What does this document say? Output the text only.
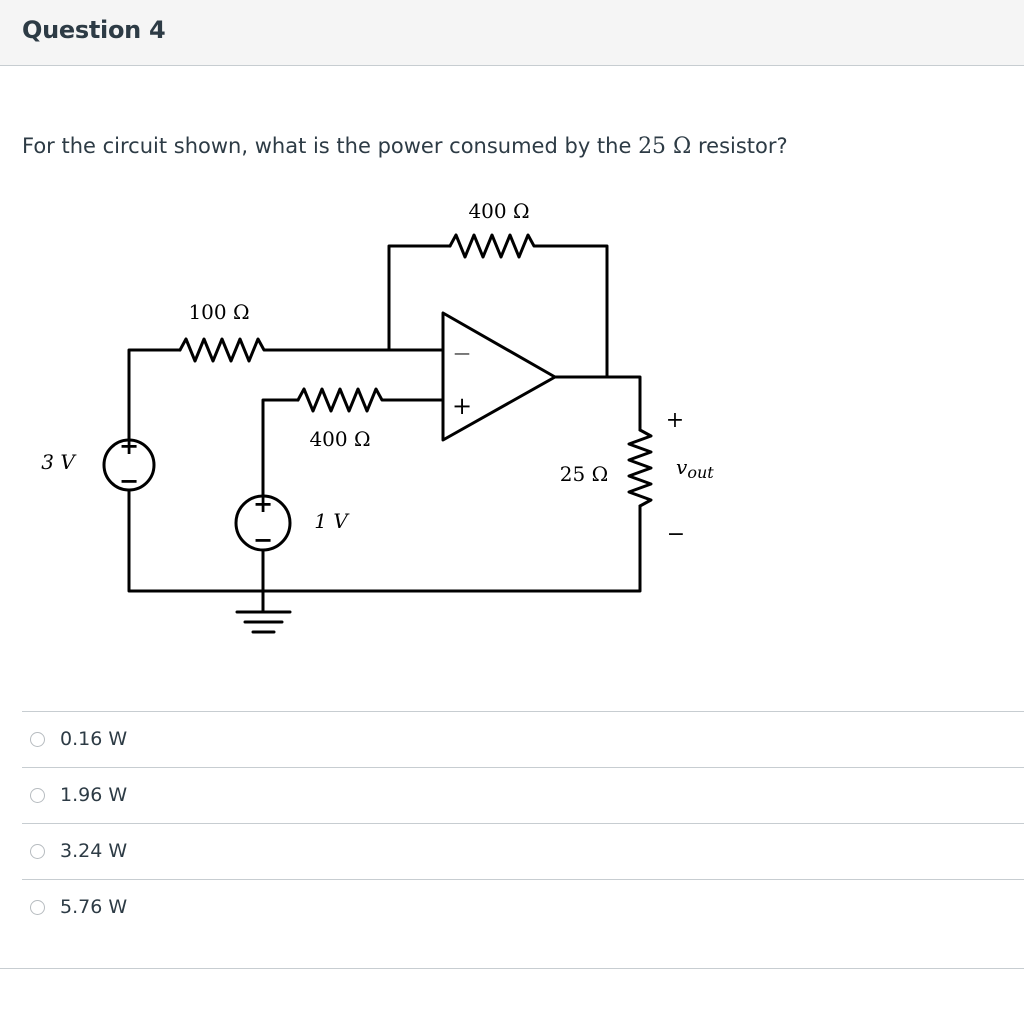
Question 4

For the circuit shown, what is the power consumed by the 25 Ω resistor?

+
−
+
−
—
+
400 Ω
100 Ω
400 Ω
25 Ω
3 V
1 V
+
−
$v_{out}$
0.16 W
1.96 W
3.24 W
5.76 W
